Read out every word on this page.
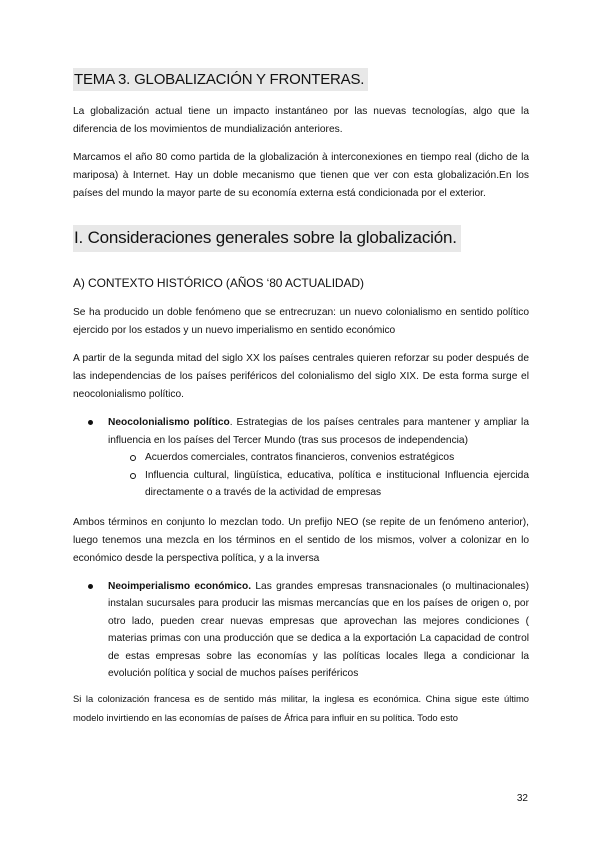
TEMA 3. GLOBALIZACIÓN Y FRONTERAS.

La globalización actual tiene un impacto instantáneo por las nuevas tecnologías, algo que la diferencia de los movimientos de mundialización anteriores.

Marcamos el año 80 como partida de la globalización à interconexiones en tiempo real (dicho de la mariposa) à Internet. Hay un doble mecanismo que tienen que ver con esta globalización.En los países del mundo la mayor parte de su economía externa está condicionada por el exterior.

I. Consideraciones generales sobre la globalización.
A) CONTEXTO HISTÓRICO (AÑOS ‘80 ACTUALIDAD)

Se ha producido un doble fenómeno que se entrecruzan: un nuevo colonialismo en sentido político ejercido por los estados y un nuevo imperialismo en sentido económico

A partir de la segunda mitad del siglo XX los países centrales quieren reforzar su poder después de las independencias de los países periféricos del colonialismo del siglo XIX. De esta forma surge el neocolonialismo político.

Neocolonialismo político. Estrategias de los países centrales para mantener y ampliar la influencia en los países del Tercer Mundo (tras sus procesos de independencia)
Acuerdos comerciales, contratos financieros, convenios estratégicos
Influencia cultural, lingüística, educativa, política e institucional Influencia ejercida directamente o a través de la actividad de empresas

Ambos términos en conjunto lo mezclan todo. Un prefijo NEO (se repite de un fenómeno anterior), luego tenemos una mezcla en los términos en el sentido de los mismos, volver a colonizar en lo económico desde la perspectiva política, y a la inversa

Neoimperialismo económico. Las grandes empresas transnacionales (o multinacionales) instalan sucursales para producir las mismas mercancías que en los países de origen o, por otro lado, pueden crear nuevas empresas que aprovechan las mejores condiciones ( materias primas con una producción que se dedica a la exportación La capacidad de control de estas empresas sobre las economías y las políticas locales llega a condicionar la evolución política y social de muchos países periféricos

Si la colonización francesa es de sentido más militar, la inglesa es económica. China sigue este último modelo invirtiendo en las economías de países de África para influir en su política. Todo esto

32
